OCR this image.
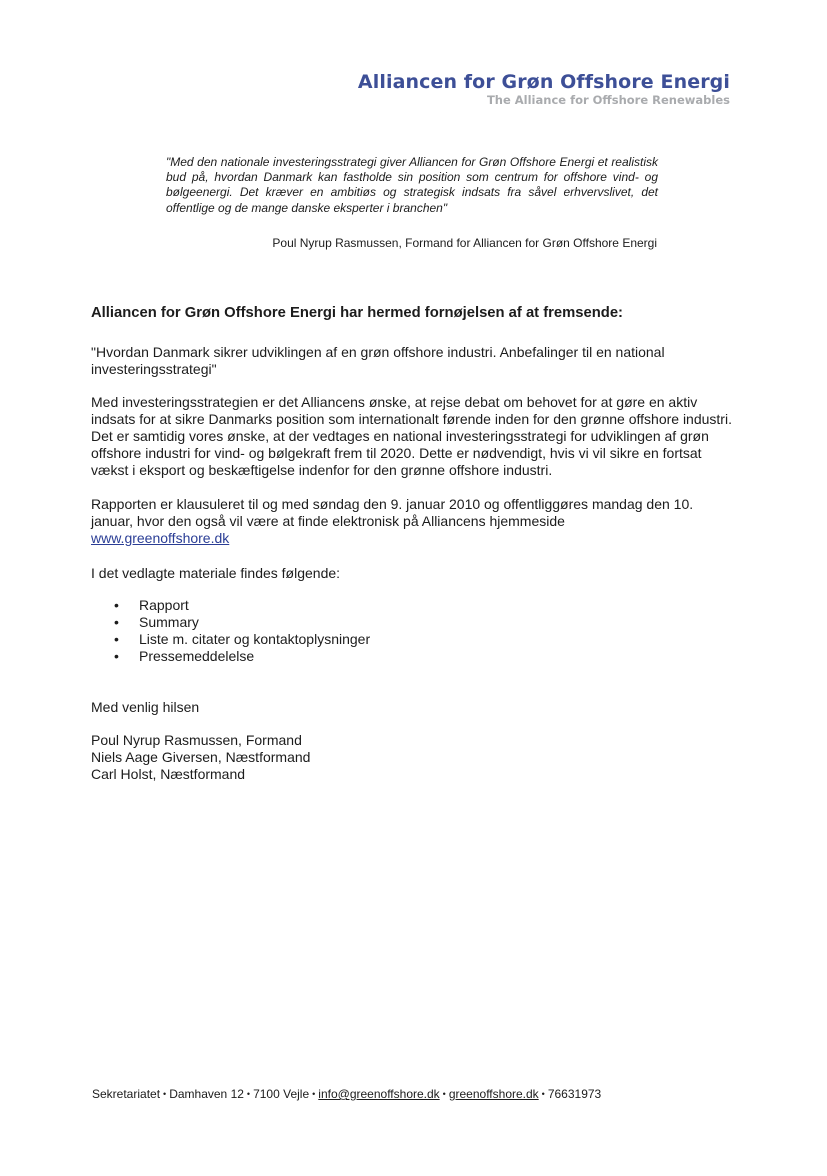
Alliancen for Grøn Offshore Energi
The Alliance for Offshore Renewables
"Med den nationale investeringsstrategi giver Alliancen for Grøn Offshore Energi et realistisk bud på, hvordan Danmark kan fastholde sin position som centrum for offshore vind- og bølgeenergi. Det kræver en ambitiøs og strategisk indsats fra såvel erhvervslivet, det offentlige og de mange danske eksperter i branchen"
Poul Nyrup Rasmussen, Formand for Alliancen for Grøn Offshore Energi
Alliancen for Grøn Offshore Energi har hermed fornøjelsen af at fremsende:
"Hvordan Danmark sikrer udviklingen af en grøn offshore industri. Anbefalinger til en national investeringsstrategi"
Med investeringsstrategien er det Alliancens ønske, at rejse debat om behovet for at gøre en aktiv indsats for at sikre Danmarks position som internationalt førende inden for den grønne offshore industri. Det er samtidig vores ønske, at der vedtages en national investeringsstrategi for udviklingen af grøn offshore industri for vind- og bølgekraft frem til 2020. Dette er nødvendigt, hvis vi vil sikre en fortsat vækst i eksport og beskæftigelse indenfor for den grønne offshore industri.
Rapporten er klausuleret til og med søndag den 9. januar 2010 og offentliggøres mandag den 10. januar, hvor den også vil være at finde elektronisk på Alliancens hjemmeside
www.greenoffshore.dk
I det vedlagte materiale findes følgende:
• Rapport
• Summary
• Liste m. citater og kontaktoplysninger
• Pressemeddelelse
Med venlig hilsen
Poul Nyrup Rasmussen, Formand
Niels Aage Giversen, Næstformand
Carl Holst, Næstformand
Sekretariatet • Damhaven 12 • 7100 Vejle • info@greenoffshore.dk • greenoffshore.dk • 76631973
